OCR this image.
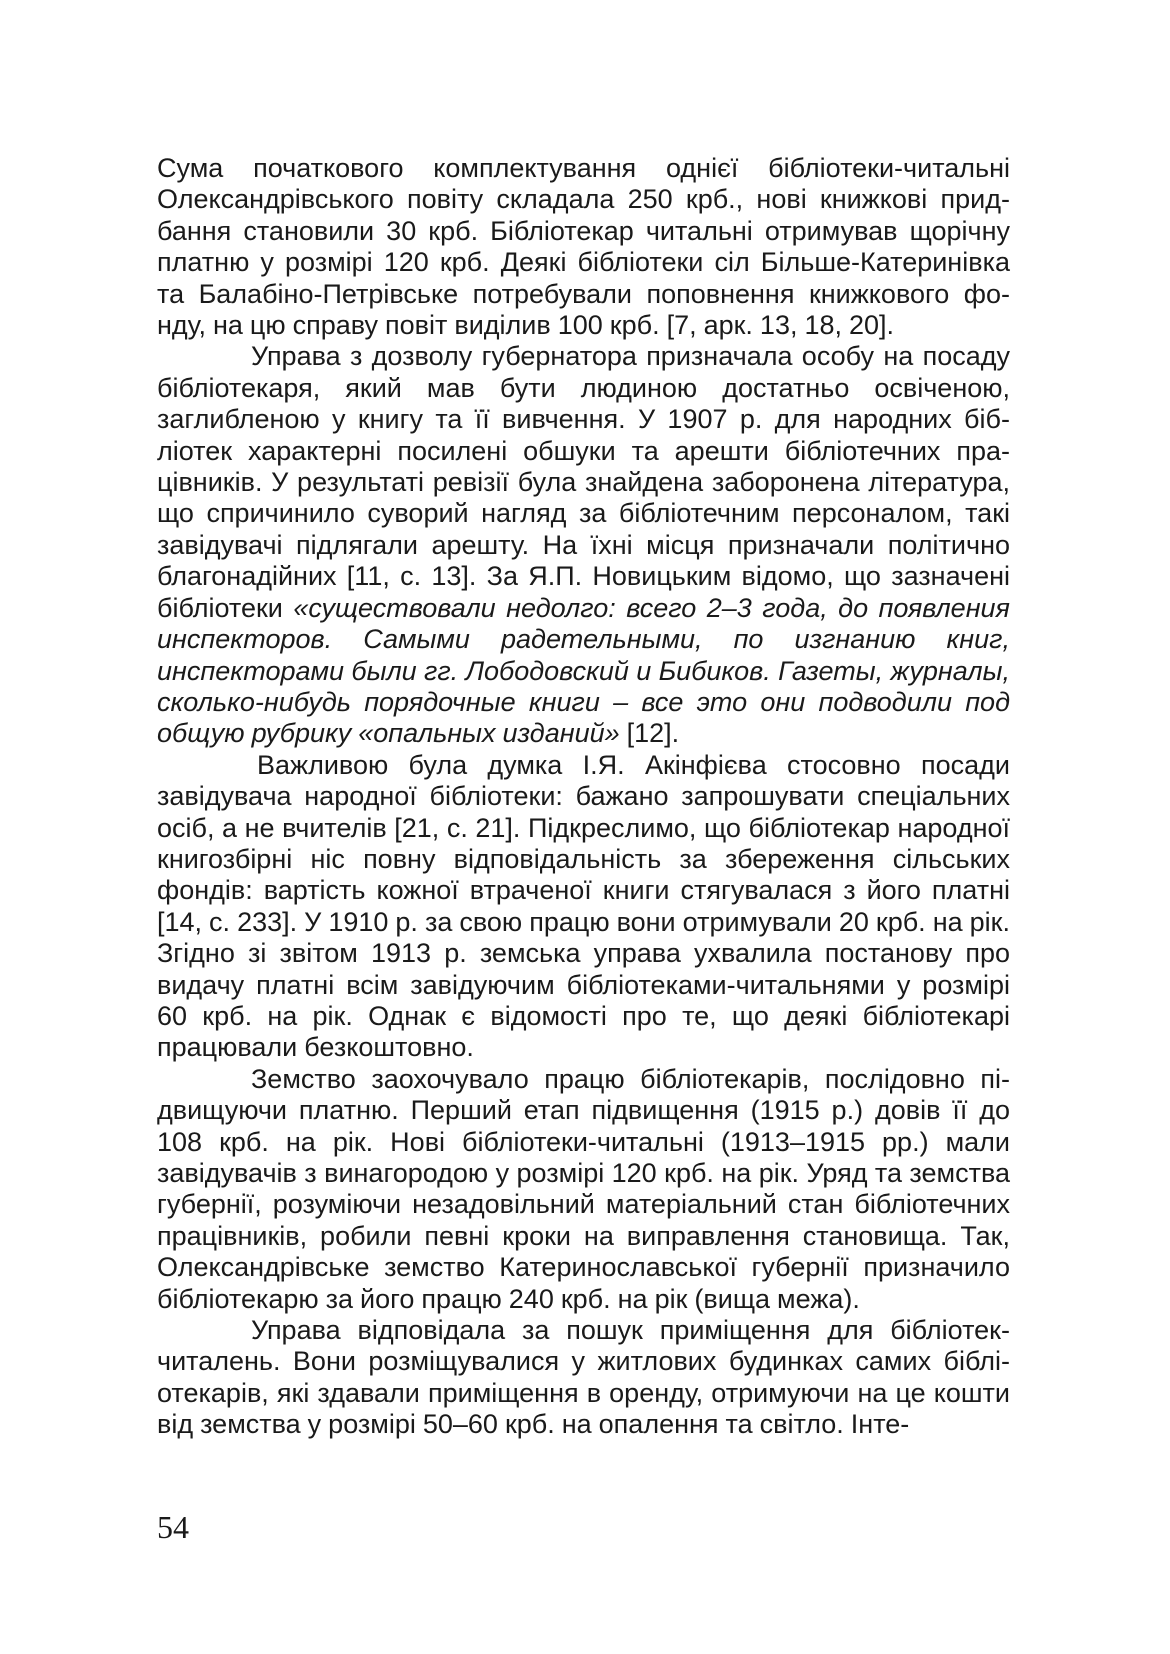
Сума початкового комплектування однієї бібліотеки-читальні Олександрівського повіту складала 250 крб., нові книжкові придбання становили 30 крб. Бібліотекар читальні отримував щорічну платню у розмірі 120 крб. Деякі бібліотеки сіл Більше-Катеринівка та Балабіно-Петрівське потребували поповнення книжкового фонду, на цю справу повіт виділив 100 крб. [7, арк. 13, 18, 20].

Управа з дозволу губернатора призначала особу на посаду бібліотекаря, який мав бути людиною достатньо освіченою, заглибленою у книгу та її вивчення. У 1907 р. для народних бібліотек характерні посилені обшуки та арешти бібліотечних працівників. У результаті ревізії була знайдена заборонена література, що спричинило суворий нагляд за бібліотечним персоналом, такі завідувачі підлягали арешту. На їхні місця призначали політично благонадійних [11, с. 13]. За Я.П. Новицьким відомо, що зазначені бібліотеки «существовали недолго: всего 2–3 года, до появления инспекторов. Самыми радетельными, по изгнанию книг, инспекторами были гг. Лободовский и Бибиков. Газеты, журналы, сколько-нибудь порядочные книги – все это они подводили под общую рубрику «опальных изданий» [12].

Важливою була думка І.Я. Акінфієва стосовно посади завідувача народної бібліотеки: бажано запрошувати спеціальних осіб, а не вчителів [21, с. 21]. Підкреслимо, що бібліотекар народної книгозбірні ніс повну відповідальність за збереження сільських фондів: вартість кожної втраченої книги стягувалася з його платні [14, с. 233]. У 1910 р. за свою працю вони отримували 20 крб. на рік. Згідно зі звітом 1913 р. земська управа ухвалила постанову про видачу платні всім завідуючим бібліотеками-читальнями у розмірі 60 крб. на рік. Однак є відомості про те, що деякі бібліотекарі працювали безкоштовно.

Земство заохочувало працю бібліотекарів, послідовно підвищуючи платню. Перший етап підвищення (1915 р.) довів її до 108 крб. на рік. Нові бібліотеки-читальні (1913–1915 рр.) мали завідувачів з винагородою у розмірі 120 крб. на рік. Уряд та земства губернії, розуміючи незадовільний матеріальний стан бібліотечних працівників, робили певні кроки на виправлення становища. Так, Олександрівське земство Катеринославської губернії призначило бібліотекарю за його працю 240 крб. на рік (вища межа).

Управа відповідала за пошук приміщення для бібліотек-читалень. Вони розміщувалися у житлових будинках самих бібліотекарів, які здавали приміщення в оренду, отримуючи на це кошти від земства у розмірі 50–60 крб. на опалення та світло. Інте-

54
